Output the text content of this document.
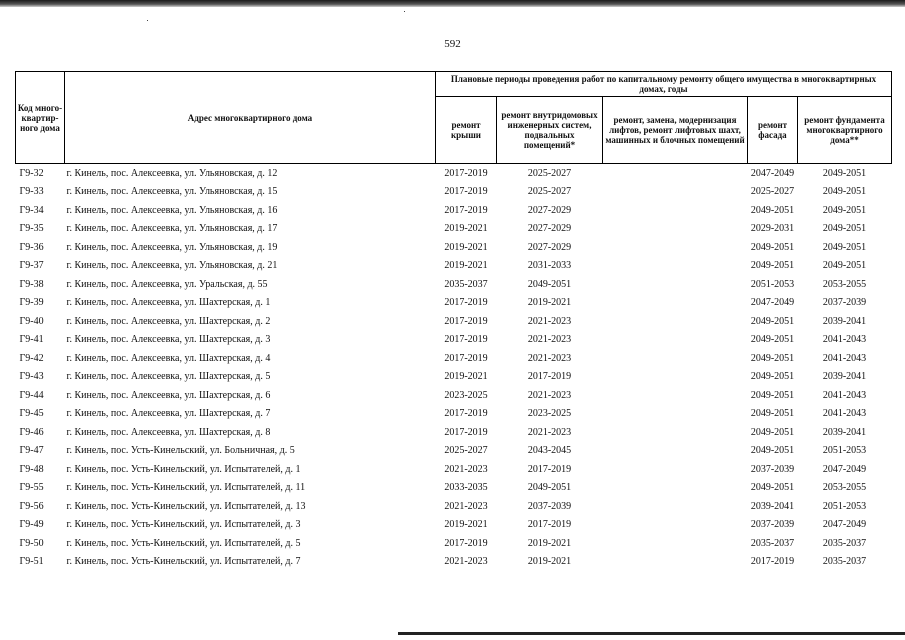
592
Код много-квартир-ного дома	Адрес многоквартирного дома	Плановые периоды проведения работ по капитальному ремонту общего имущества в многоквартирных домах, годы				
		ремонт крыши	ремонт внутридомовых инженерных систем, подвальных помещений*	ремонт, замена, модернизация лифтов, ремонт лифтовых шахт, машинных и блочных помещений	ремонт фасада	ремонт фундамента многоквартирного дома**
Г9-32	г. Кинель, пос. Алексеевка, ул. Ульяновская, д. 12	2017-2019	2025-2027		2047-2049	2049-2051
Г9-33	г. Кинель, пос. Алексеевка, ул. Ульяновская, д. 15	2017-2019	2025-2027		2025-2027	2049-2051
Г9-34	г. Кинель, пос. Алексеевка, ул. Ульяновская, д. 16	2017-2019	2027-2029		2049-2051	2049-2051
Г9-35	г. Кинель, пос. Алексеевка, ул. Ульяновская, д. 17	2019-2021	2027-2029		2029-2031	2049-2051
Г9-36	г. Кинель, пос. Алексеевка, ул. Ульяновская, д. 19	2019-2021	2027-2029		2049-2051	2049-2051
Г9-37	г. Кинель, пос. Алексеевка, ул. Ульяновская, д. 21	2019-2021	2031-2033		2049-2051	2049-2051
Г9-38	г. Кинель, пос. Алексеевка, ул. Уральская, д. 55	2035-2037	2049-2051		2051-2053	2053-2055
Г9-39	г. Кинель, пос. Алексеевка, ул. Шахтерская, д. 1	2017-2019	2019-2021		2047-2049	2037-2039
Г9-40	г. Кинель, пос. Алексеевка, ул. Шахтерская, д. 2	2017-2019	2021-2023		2049-2051	2039-2041
Г9-41	г. Кинель, пос. Алексеевка, ул. Шахтерская, д. 3	2017-2019	2021-2023		2049-2051	2041-2043
Г9-42	г. Кинель, пос. Алексеевка, ул. Шахтерская, д. 4	2017-2019	2021-2023		2049-2051	2041-2043
Г9-43	г. Кинель, пос. Алексеевка, ул. Шахтерская, д. 5	2019-2021	2017-2019		2049-2051	2039-2041
Г9-44	г. Кинель, пос. Алексеевка, ул. Шахтерская, д. 6	2023-2025	2021-2023		2049-2051	2041-2043
Г9-45	г. Кинель, пос. Алексеевка, ул. Шахтерская, д. 7	2017-2019	2023-2025		2049-2051	2041-2043
Г9-46	г. Кинель, пос. Алексеевка, ул. Шахтерская, д. 8	2017-2019	2021-2023		2049-2051	2039-2041
Г9-47	г. Кинель, пос. Усть-Кинельский, ул. Больничная, д. 5	2025-2027	2043-2045		2049-2051	2051-2053
Г9-48	г. Кинель, пос. Усть-Кинельский, ул. Испытателей, д. 1	2021-2023	2017-2019		2037-2039	2047-2049
Г9-55	г. Кинель, пос. Усть-Кинельский, ул. Испытателей, д. 11	2033-2035	2049-2051		2049-2051	2053-2055
Г9-56	г. Кинель, пос. Усть-Кинельский, ул. Испытателей, д. 13	2021-2023	2037-2039		2039-2041	2051-2053
Г9-49	г. Кинель, пос. Усть-Кинельский, ул. Испытателей, д. 3	2019-2021	2017-2019		2037-2039	2047-2049
Г9-50	г. Кинель, пос. Усть-Кинельский, ул. Испытателей, д. 5	2017-2019	2019-2021		2035-2037	2035-2037
Г9-51	г. Кинель, пос. Усть-Кинельский, ул. Испытателей, д. 7	2021-2023	2019-2021		2017-2019	2035-2037
